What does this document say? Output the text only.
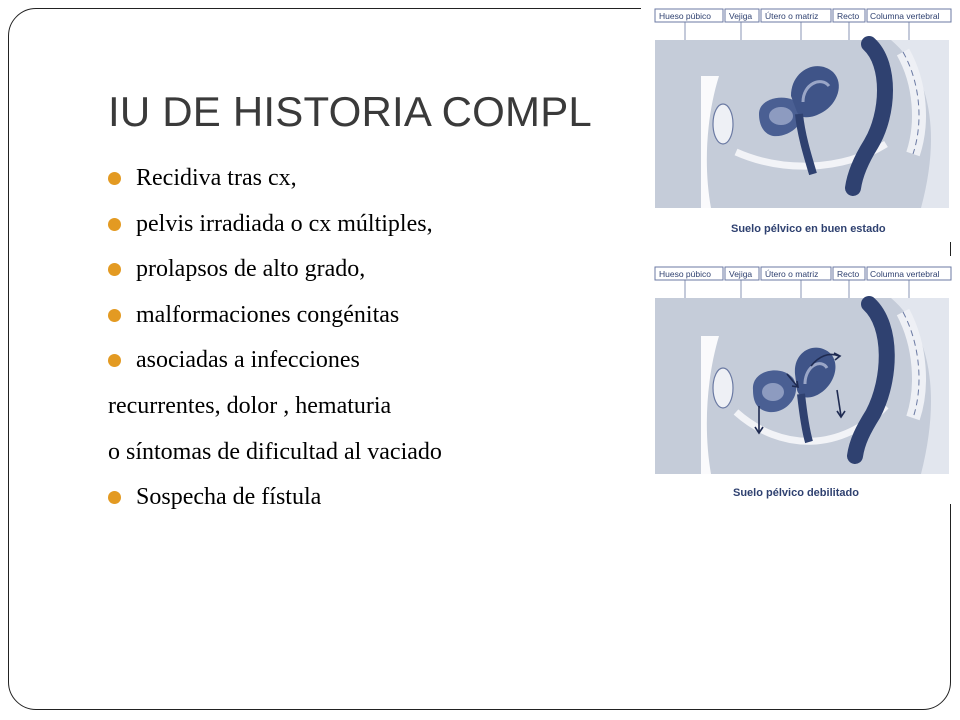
IU DE HISTORIA COMPL
Recidiva tras cx,
pelvis irradiada o cx múltiples,
prolapsos de alto grado,
malformaciones congénitas
asociadas a infecciones
recurrentes, dolor , hematuria
o síntomas de dificultad al vaciado
Sospecha de fístula
Hueso púbico Vejiga Útero o matriz Recto Columna vertebral
Suelo pélvico en buen estado
Hueso púbico Vejiga Útero o matriz Recto Columna vertebral
Suelo pélvico debilitado
